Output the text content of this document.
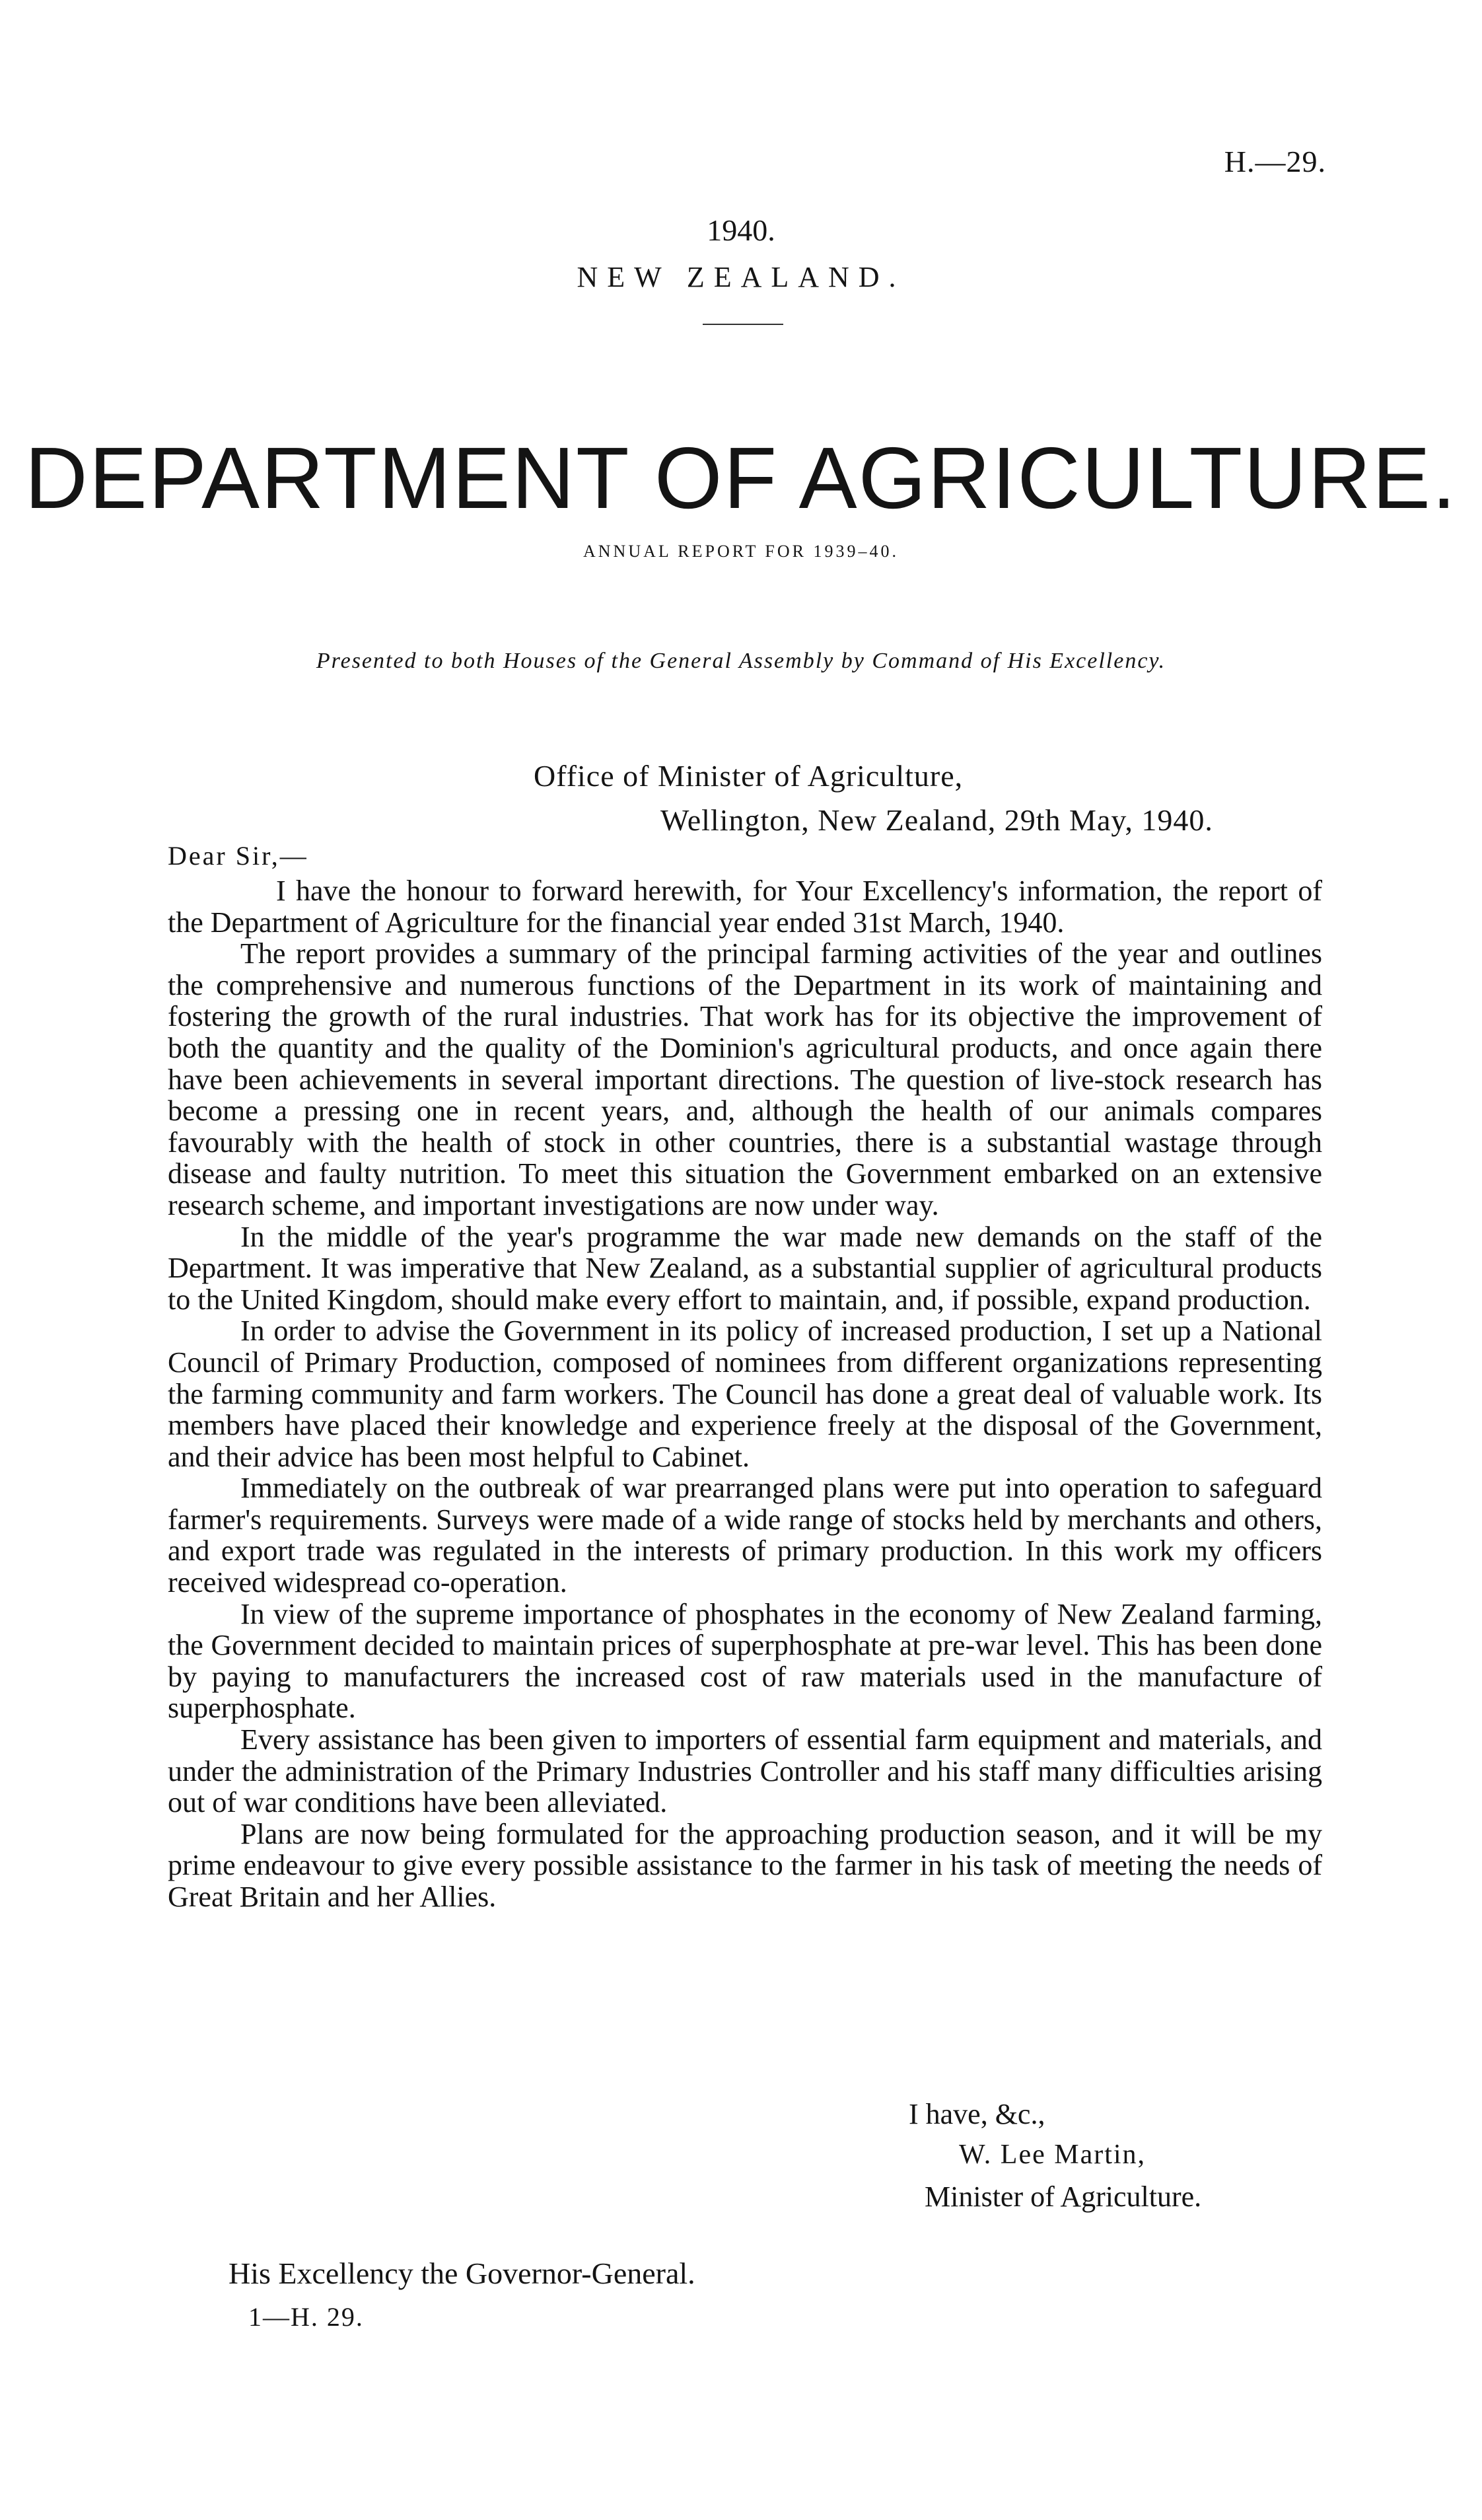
H.—29.
1940.
NEW ZEALAND.
DEPARTMENT OF AGRICULTURE.
ANNUAL REPORT FOR 1939–40.
Presented to both Houses of the General Assembly by Command of His Excellency.
Office of Minister of Agriculture,
Wellington, New Zealand, 29th May, 1940.
Dear Sir,—

I have the honour to forward herewith, for Your Excellency's information, the report of the Department of Agriculture for the financial year ended 31st March, 1940.

The report provides a summary of the principal farming activities of the year and outlines the comprehensive and numerous functions of the Department in its work of maintaining and fostering the growth of the rural industries. That work has for its objective the improvement of both the quantity and the quality of the Dominion's agricultural products, and once again there have been achievements in several important directions. The question of live-stock research has become a pressing one in recent years, and, although the health of our animals compares favourably with the health of stock in other countries, there is a substantial wastage through disease and faulty nutrition. To meet this situation the Government embarked on an extensive research scheme, and important investigations are now under way.

In the middle of the year's programme the war made new demands on the staff of the Department. It was imperative that New Zealand, as a substantial supplier of agricultural products to the United Kingdom, should make every effort to maintain, and, if possible, expand production.

In order to advise the Government in its policy of increased production, I set up a National Council of Primary Production, composed of nominees from different organizations representing the farming community and farm workers. The Council has done a great deal of valuable work. Its members have placed their knowledge and experience freely at the disposal of the Government, and their advice has been most helpful to Cabinet.

Immediately on the outbreak of war prearranged plans were put into operation to safeguard farmer's requirements. Surveys were made of a wide range of stocks held by merchants and others, and export trade was regulated in the interests of primary production. In this work my officers received widespread co-operation.

In view of the supreme importance of phosphates in the economy of New Zealand farming, the Government decided to maintain prices of superphosphate at pre-war level. This has been done by paying to manufacturers the increased cost of raw materials used in the manufacture of superphosphate.

Every assistance has been given to importers of essential farm equipment and materials, and under the administration of the Primary Industries Controller and his staff many difficulties arising out of war conditions have been alleviated.

Plans are now being formulated for the approaching production season, and it will be my prime endeavour to give every possible assistance to the farmer in his task of meeting the needs of Great Britain and her Allies.

I have, &c.,
W. Lee Martin,
Minister of Agriculture.
His Excellency the Governor-General.
1—H. 29.
